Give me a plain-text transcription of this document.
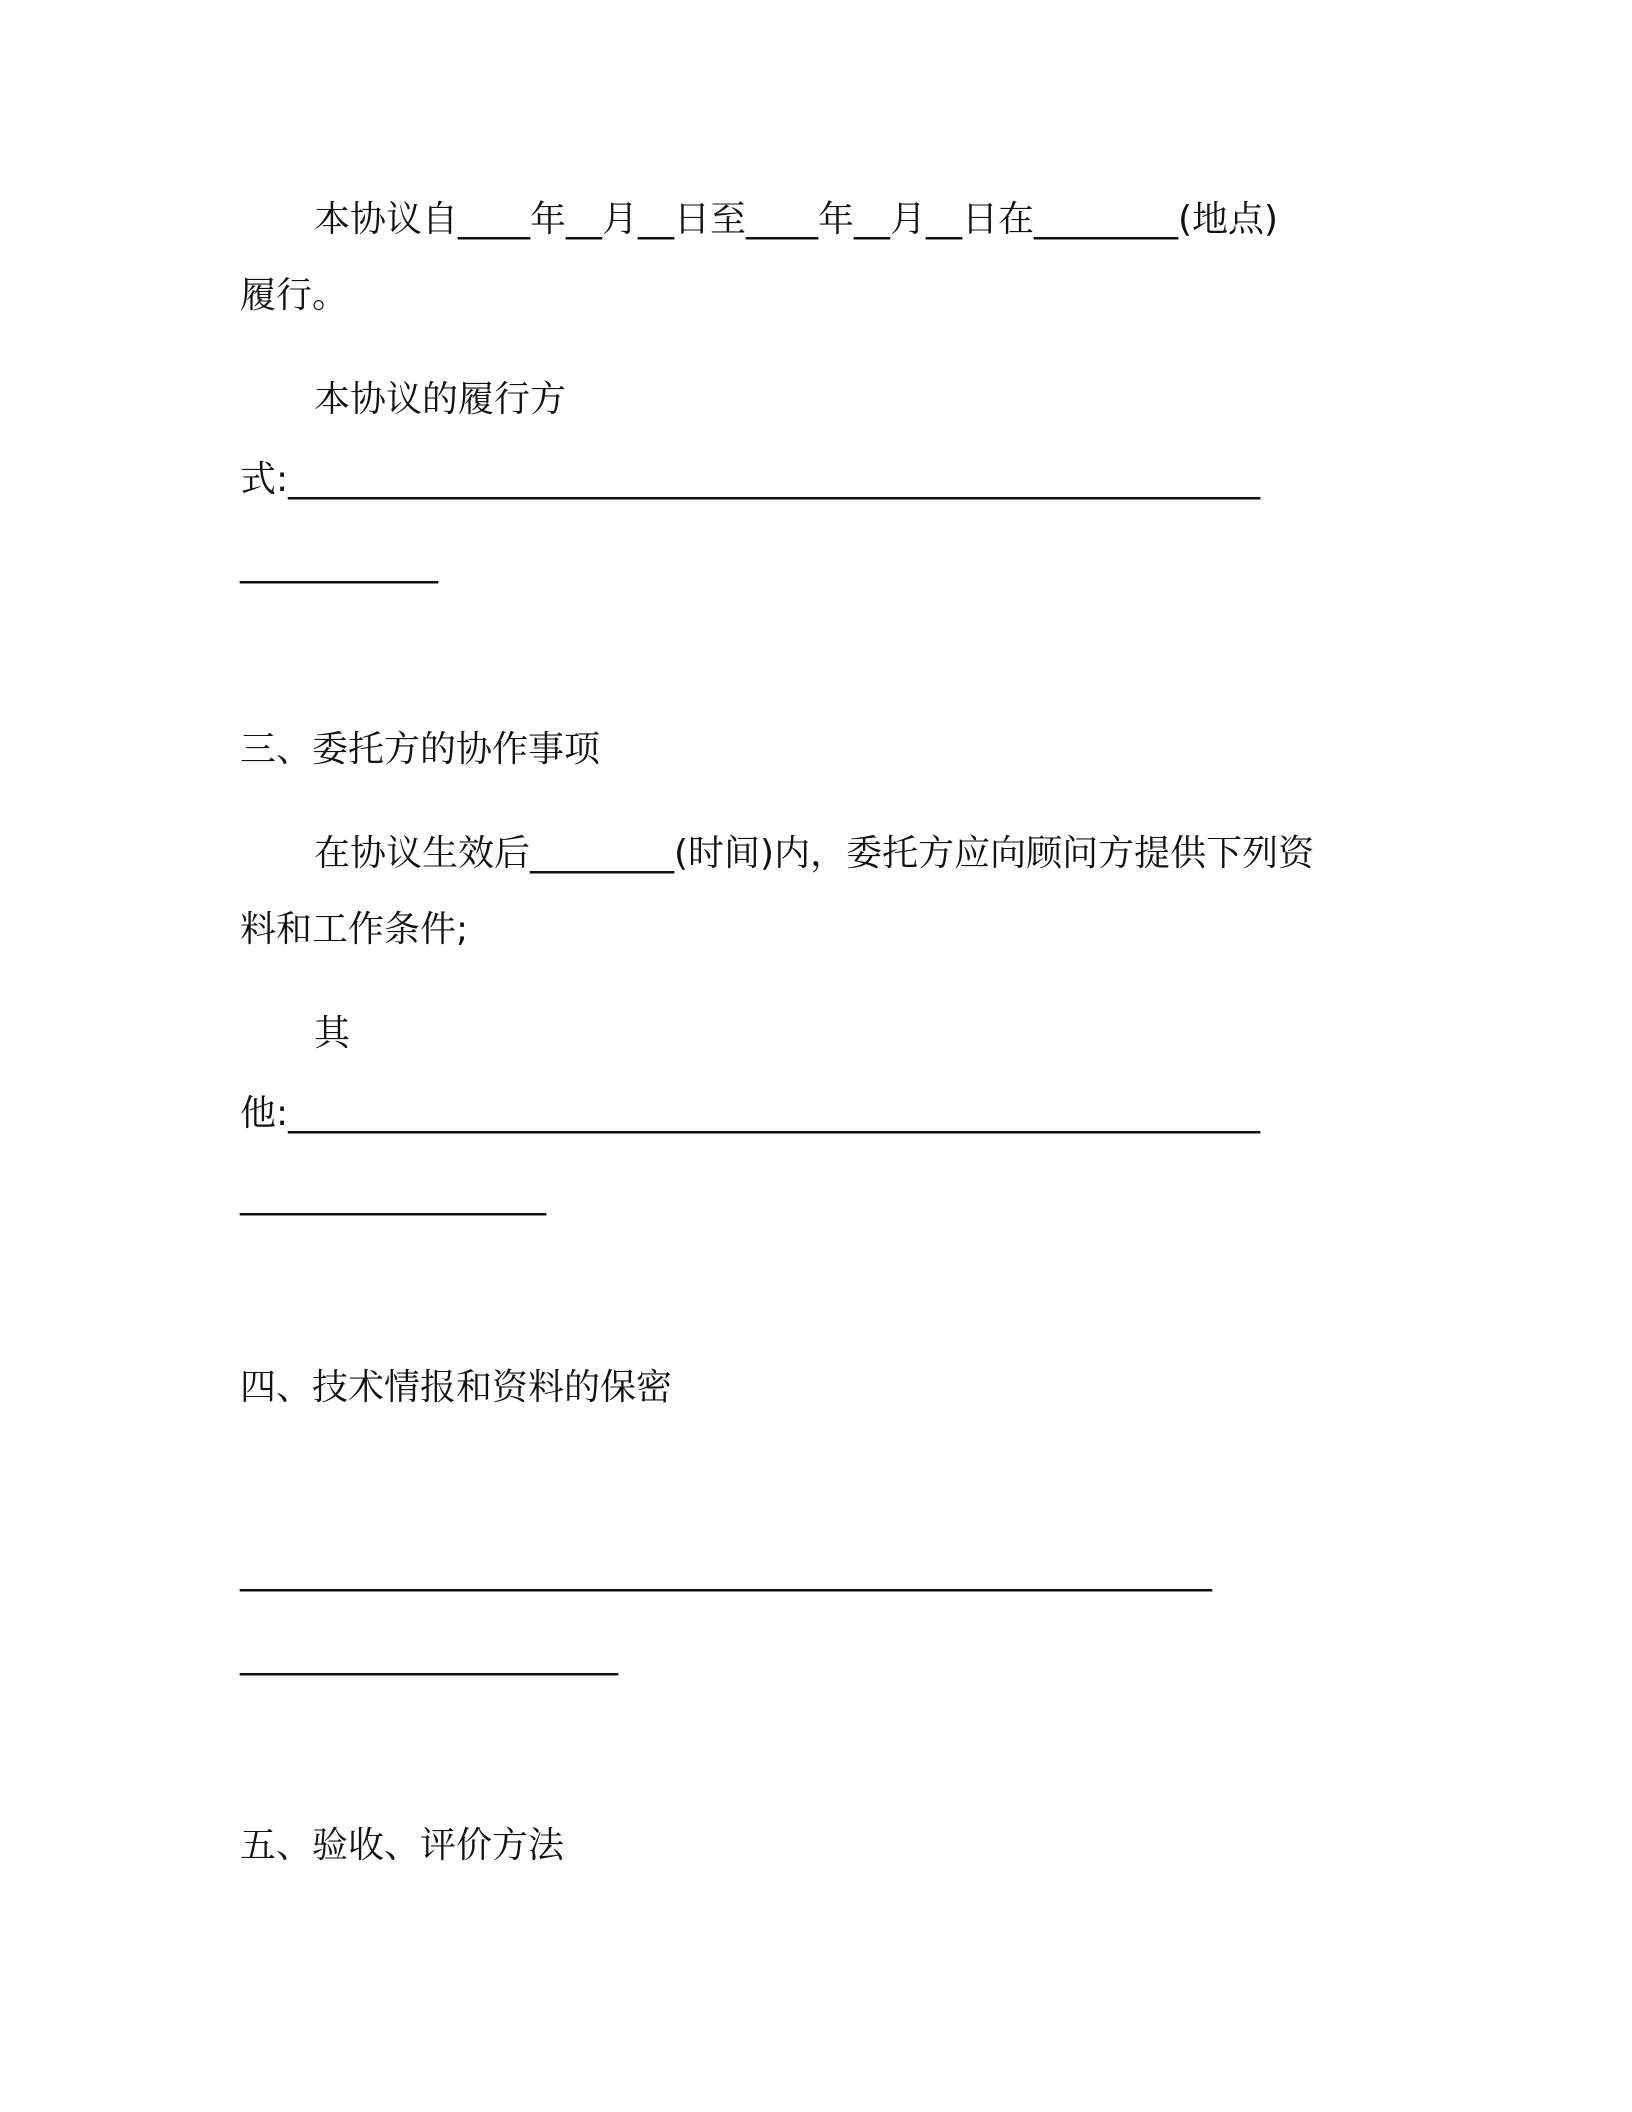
本协议自____年__月__日至____年__月__日在________(地点)
履行。
本协议的履行方
式:______________________________________________________
___________
三、委托方的协作事项
在协议生效后________(时间)内，委托方应向顾问方提供下列资
料和工作条件;
其
他:______________________________________________________
_________________
四、技术情报和资料的保密
______________________________________________________
_____________________
五、验收、评价方法
